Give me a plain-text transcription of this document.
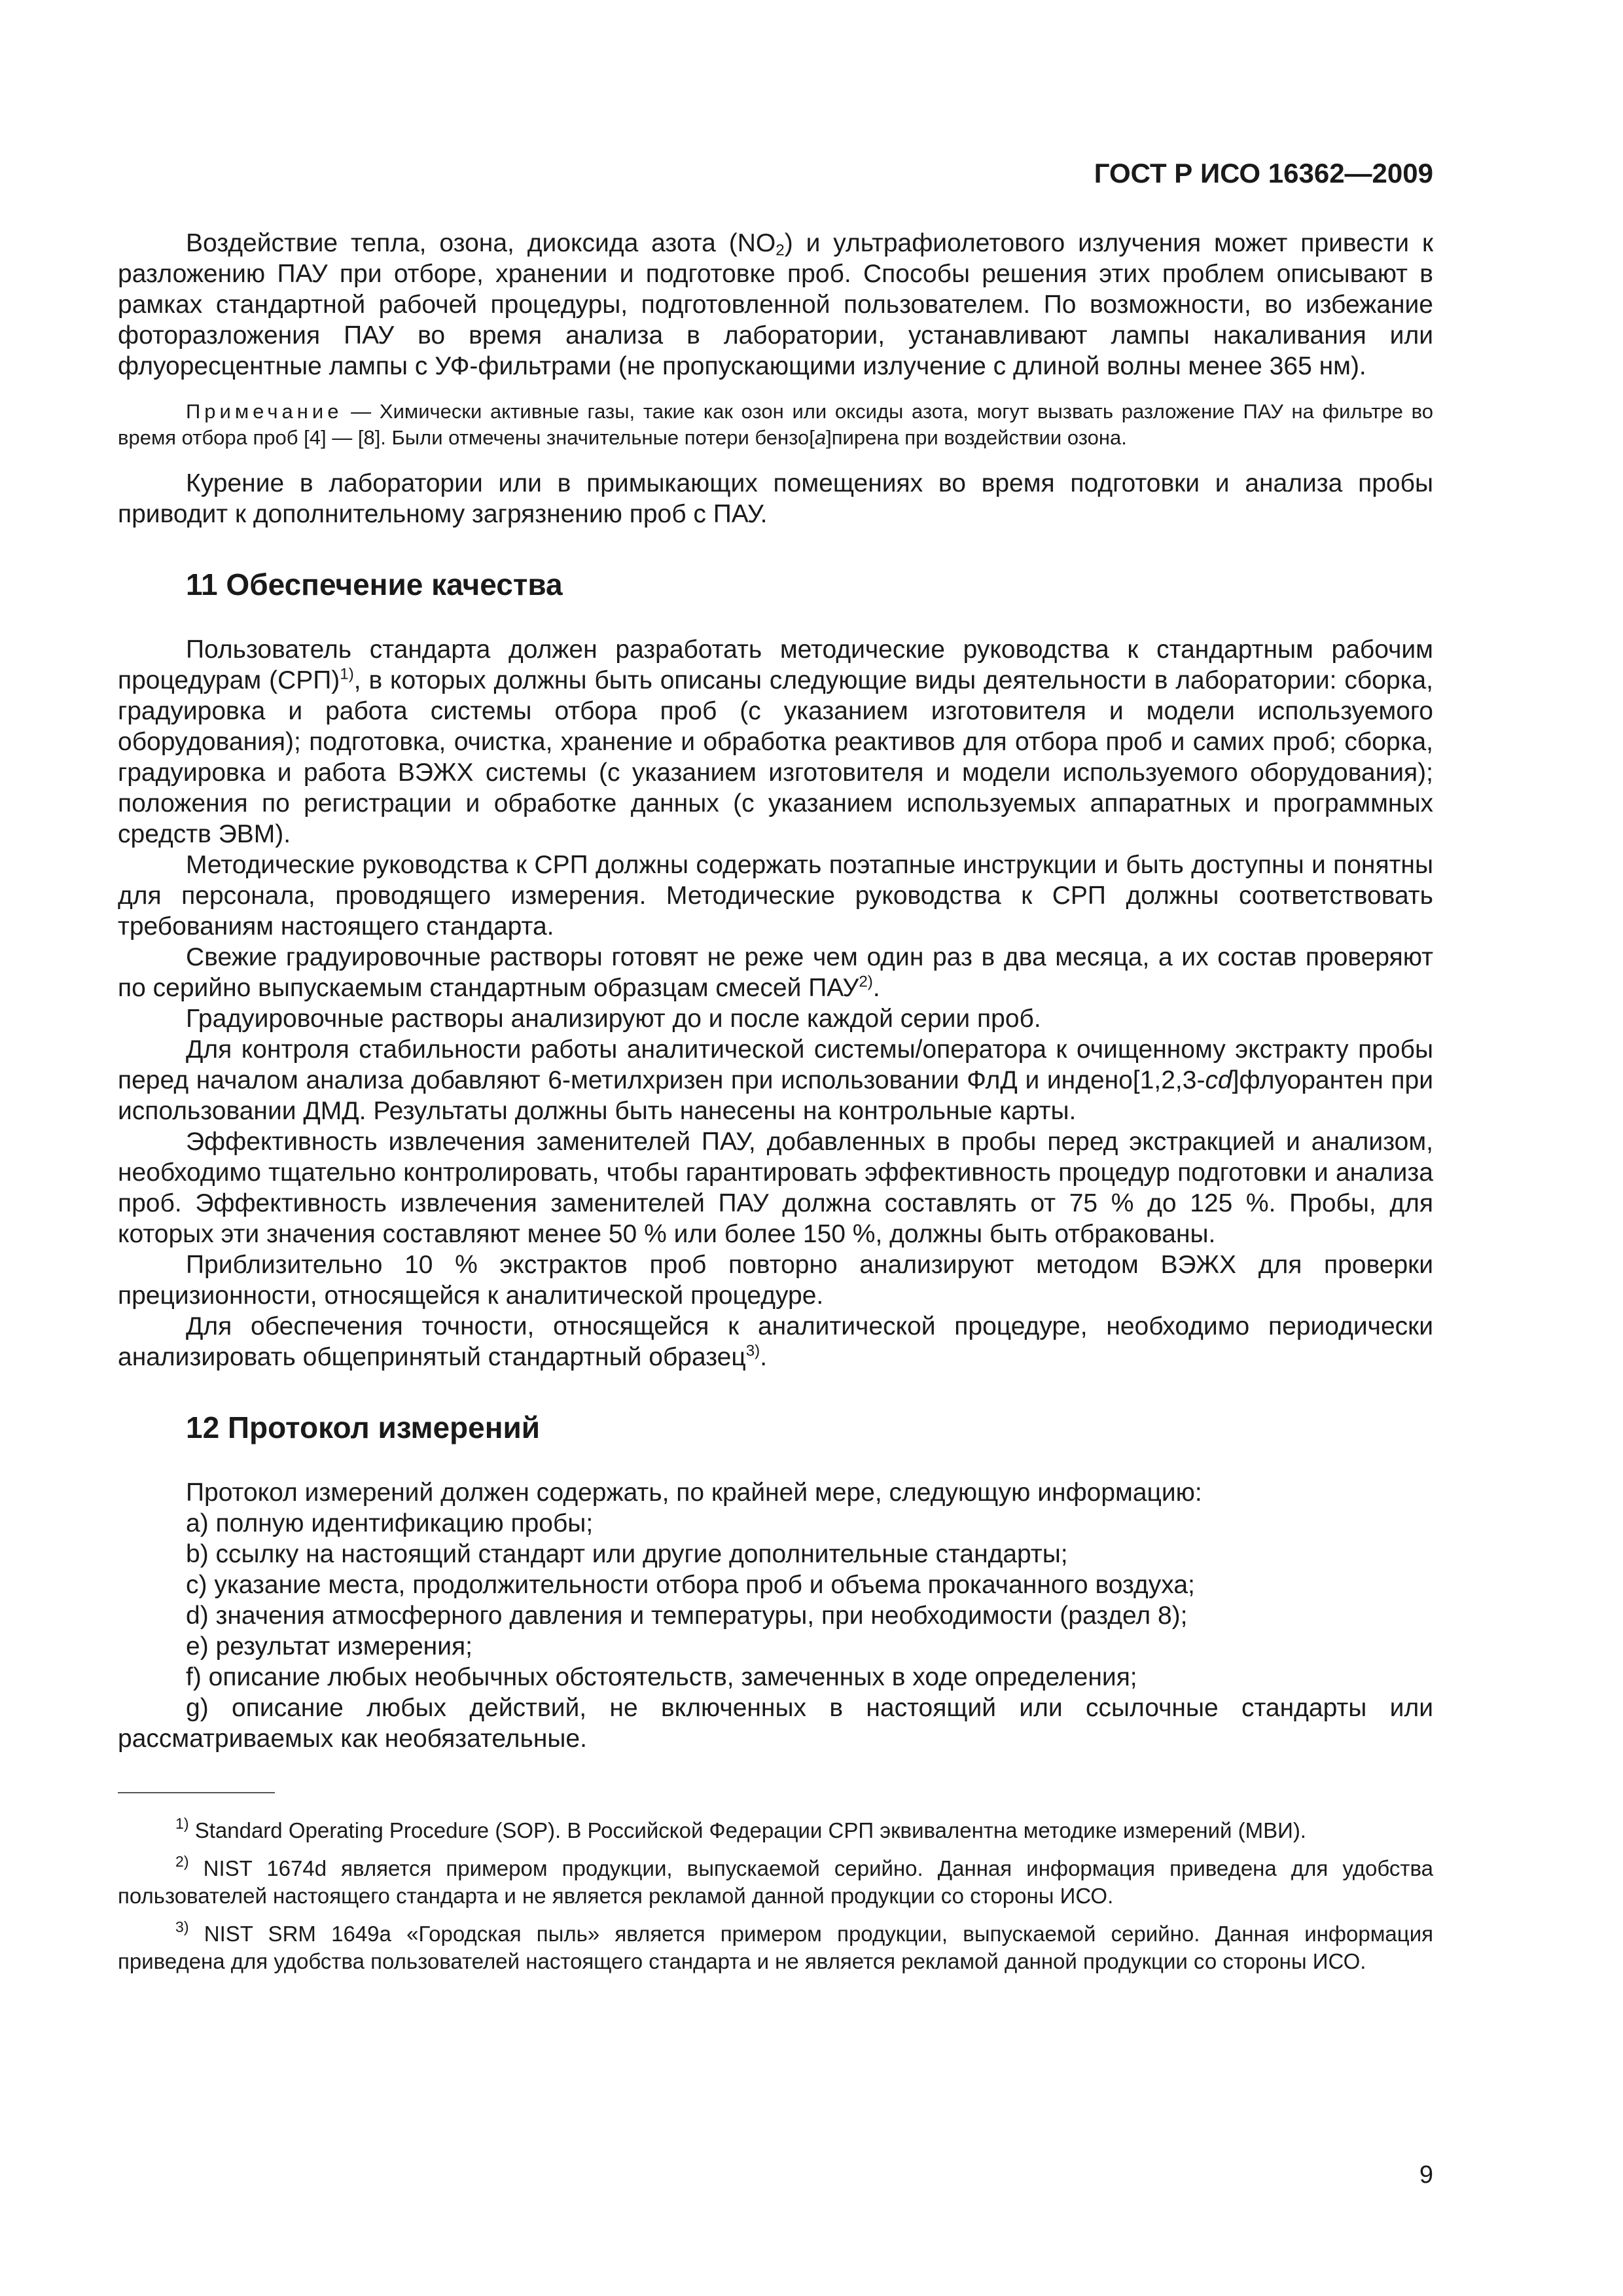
ГОСТ Р ИСО 16362—2009

Воздействие тепла, озона, диоксида азота $(NO_2)$ и ультрафиолетового излучения может привести к разложению ПАУ при отборе, хранении и подготовке проб. Способы решения этих проблем описывают в рамках стандартной рабочей процедуры, подготовленной пользователем. По возможности, во избежание фоторазложения ПАУ во время анализа в лаборатории, устанавливают лампы накаливания или флуоресцентные лампы с УФ-фильтрами (не пропускающими излучение с длиной волны менее 365 нм).

Примечание — Химически активные газы, такие как озон или оксиды азота, могут вызвать разложение ПАУ на фильтре во время отбора проб [4] — [8]. Были отмечены значительные потери бензо[a]пирена при воздействии озона.

Курение в лаборатории или в примыкающих помещениях во время подготовки и анализа пробы приводит к дополнительному загрязнению проб с ПАУ.

11 Обеспечение качества

Пользователь стандарта должен разработать методические руководства к стандартным рабочим процедурам (СРП)$^{1)}$, в которых должны быть описаны следующие виды деятельности в лаборатории: сборка, градуировка и работа системы отбора проб (с указанием изготовителя и модели используемого оборудования); подготовка, очистка, хранение и обработка реактивов для отбора проб и самих проб; сборка, градуировка и работа ВЭЖХ системы (с указанием изготовителя и модели используемого оборудования); положения по регистрации и обработке данных (с указанием используемых аппаратных и программных средств ЭВМ).

Методические руководства к СРП должны содержать поэтапные инструкции и быть доступны и понятны для персонала, проводящего измерения. Методические руководства к СРП должны соответствовать требованиям настоящего стандарта.

Свежие градуировочные растворы готовят не реже чем один раз в два месяца, а их состав проверяют по серийно выпускаемым стандартным образцам смесей ПАУ$^{2)}$.

Градуировочные растворы анализируют до и после каждой серии проб.

Для контроля стабильности работы аналитической системы/оператора к очищенному экстракту пробы перед началом анализа добавляют 6-метилхризен при использовании ФлД и индено[1,2,3-cd]флуорантен при использовании ДМД. Результаты должны быть нанесены на контрольные карты.

Эффективность извлечения заменителей ПАУ, добавленных в пробы перед экстракцией и анализом, необходимо тщательно контролировать, чтобы гарантировать эффективность процедур подготовки и анализа проб. Эффективность извлечения заменителей ПАУ должна составлять от 75 % до 125 %. Пробы, для которых эти значения составляют менее 50 % или более 150 %, должны быть отбракованы.

Приблизительно 10 % экстрактов проб повторно анализируют методом ВЭЖХ для проверки прецизионности, относящейся к аналитической процедуре.

Для обеспечения точности, относящейся к аналитической процедуре, необходимо периодически анализировать общепринятый стандартный образец$^{3)}$.

12 Протокол измерений

Протокол измерений должен содержать, по крайней мере, следующую информацию:

a) полную идентификацию пробы;

b) ссылку на настоящий стандарт или другие дополнительные стандарты;

c) указание места, продолжительности отбора проб и объема прокачанного воздуха;

d) значения атмосферного давления и температуры, при необходимости (раздел 8);

e) результат измерения;

f) описание любых необычных обстоятельств, замеченных в ходе определения;

g) описание любых действий, не включенных в настоящий или ссылочные стандарты или рассматриваемых как необязательные.

$^{1)}$ Standard Operating Procedure (SOP). В Российской Федерации СРП эквивалентна методике измерений (МВИ).

$^{2)}$ NIST 1674d является примером продукции, выпускаемой серийно. Данная информация приведена для удобства пользователей настоящего стандарта и не является рекламой данной продукции со стороны ИСО.

$^{3)}$ NIST SRM 1649a «Городская пыль» является примером продукции, выпускаемой серийно. Данная информация приведена для удобства пользователей настоящего стандарта и не является рекламой данной продукции со стороны ИСО.

9
